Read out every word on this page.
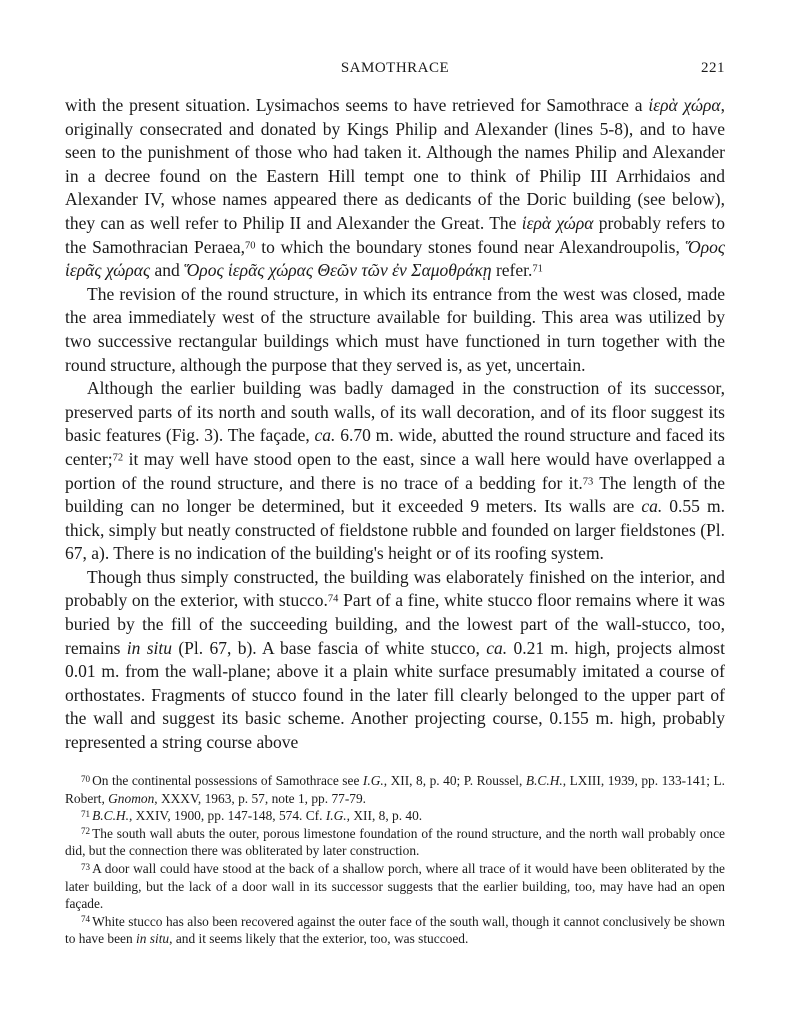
SAMOTHRACE	221

with the present situation. Lysimachos seems to have retrieved for Samothrace a ἱερὰ χώρα, originally consecrated and donated by Kings Philip and Alexander (lines 5-8), and to have seen to the punishment of those who had taken it. Although the names Philip and Alexander in a decree found on the Eastern Hill tempt one to think of Philip III Arrhidaios and Alexander IV, whose names appeared there as dedicants of the Doric building (see below), they can as well refer to Philip II and Alexander the Great. The ἱερὰ χώρα probably refers to the Samothracian Peraea,$^{70}$ to which the boundary stones found near Alexandroupolis, Ὅρος ἱερᾶς χώρας and Ὅρος ἱερᾶς χώρας Θεῶν τῶν ἐν Σαμοθράκῃ refer.$^{71}$

The revision of the round structure, in which its entrance from the west was closed, made the area immediately west of the structure available for building. This area was utilized by two successive rectangular buildings which must have functioned in turn together with the round structure, although the purpose that they served is, as yet, uncertain.

Although the earlier building was badly damaged in the construction of its successor, preserved parts of its north and south walls, of its wall decoration, and of its floor suggest its basic features (Fig. 3). The façade, ca. 6.70 m. wide, abutted the round structure and faced its center;$^{72}$ it may well have stood open to the east, since a wall here would have overlapped a portion of the round structure, and there is no trace of a bedding for it.$^{73}$ The length of the building can no longer be determined, but it exceeded 9 meters. Its walls are ca. 0.55 m. thick, simply but neatly constructed of fieldstone rubble and founded on larger fieldstones (Pl. 67, a). There is no indication of the building's height or of its roofing system.

Though thus simply constructed, the building was elaborately finished on the interior, and probably on the exterior, with stucco.$^{74}$ Part of a fine, white stucco floor remains where it was buried by the fill of the succeeding building, and the lowest part of the wall-stucco, too, remains in situ (Pl. 67, b). A base fascia of white stucco, ca. 0.21 m. high, projects almost 0.01 m. from the wall-plane; above it a plain white surface presumably imitated a course of orthostates. Fragments of stucco found in the later fill clearly belonged to the upper part of the wall and suggest its basic scheme. Another projecting course, 0.155 m. high, probably represented a string course above

$^{70}$ On the continental possessions of Samothrace see I.G., XII, 8, p. 40; P. Roussel, B.C.H., LXIII, 1939, pp. 133-141; L. Robert, Gnomon, XXXV, 1963, p. 57, note 1, pp. 77-79.

$^{71}$ B.C.H., XXIV, 1900, pp. 147-148, 574. Cf. I.G., XII, 8, p. 40.

$^{72}$ The south wall abuts the outer, porous limestone foundation of the round structure, and the north wall probably once did, but the connection there was obliterated by later construction.

$^{73}$ A door wall could have stood at the back of a shallow porch, where all trace of it would have been obliterated by the later building, but the lack of a door wall in its successor suggests that the earlier building, too, may have had an open façade.

$^{74}$ White stucco has also been recovered against the outer face of the south wall, though it cannot conclusively be shown to have been in situ, and it seems likely that the exterior, too, was stuccoed.
